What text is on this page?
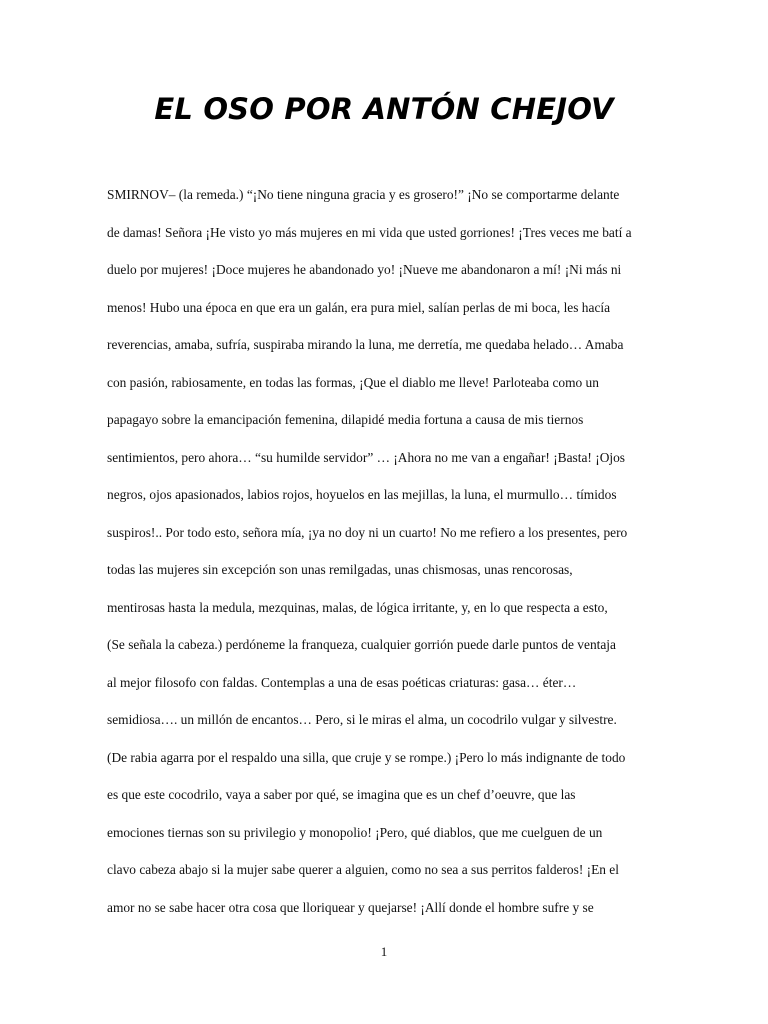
EL OSO POR ANTÓN CHEJOV
SMIRNOV– (la remeda.) “¡No tiene ninguna gracia y es grosero!” ¡No se comportarme delante
de damas! Señora ¡He visto yo más mujeres en mi vida que usted gorriones! ¡Tres veces me batí a
duelo por mujeres! ¡Doce mujeres he abandonado yo! ¡Nueve me abandonaron a mí! ¡Ni más ni
menos! Hubo una época en que era un galán, era pura miel, salían perlas de mi boca, les hacía
reverencias, amaba, sufría, suspiraba mirando la luna, me derretía, me quedaba helado… Amaba
con pasión, rabiosamente, en todas las formas, ¡Que el diablo me lleve! Parloteaba como un
papagayo sobre la emancipación femenina, dilapidé media fortuna a causa de mis tiernos
sentimientos, pero ahora… “su humilde servidor” … ¡Ahora no me van a engañar! ¡Basta! ¡Ojos
negros, ojos apasionados, labios rojos, hoyuelos en las mejillas, la luna, el murmullo… tímidos
suspiros!.. Por todo esto, señora mía, ¡ya no doy ni un cuarto! No me refiero a los presentes, pero
todas las mujeres sin excepción son unas remilgadas, unas chismosas, unas rencorosas,
mentirosas hasta la medula, mezquinas, malas, de lógica irritante, y, en lo que respecta a esto,
(Se señala la cabeza.) perdóneme la franqueza, cualquier gorrión puede darle puntos de ventaja
al mejor filosofo con faldas. Contemplas a una de esas poéticas criaturas: gasa… éter…
semidiosa…. un millón de encantos… Pero, si le miras el alma, un cocodrilo vulgar y silvestre.
(De rabia agarra por el respaldo una silla, que cruje y se rompe.) ¡Pero lo más indignante de todo
es que este cocodrilo, vaya a saber por qué, se imagina que es un chef d’oeuvre, que las
emociones tiernas son su privilegio y monopolio! ¡Pero, qué diablos, que me cuelguen de un
clavo cabeza abajo si la mujer sabe querer a alguien, como no sea a sus perritos falderos! ¡En el
amor no se sabe hacer otra cosa que lloriquear y quejarse! ¡Allí donde el hombre sufre y se
1
